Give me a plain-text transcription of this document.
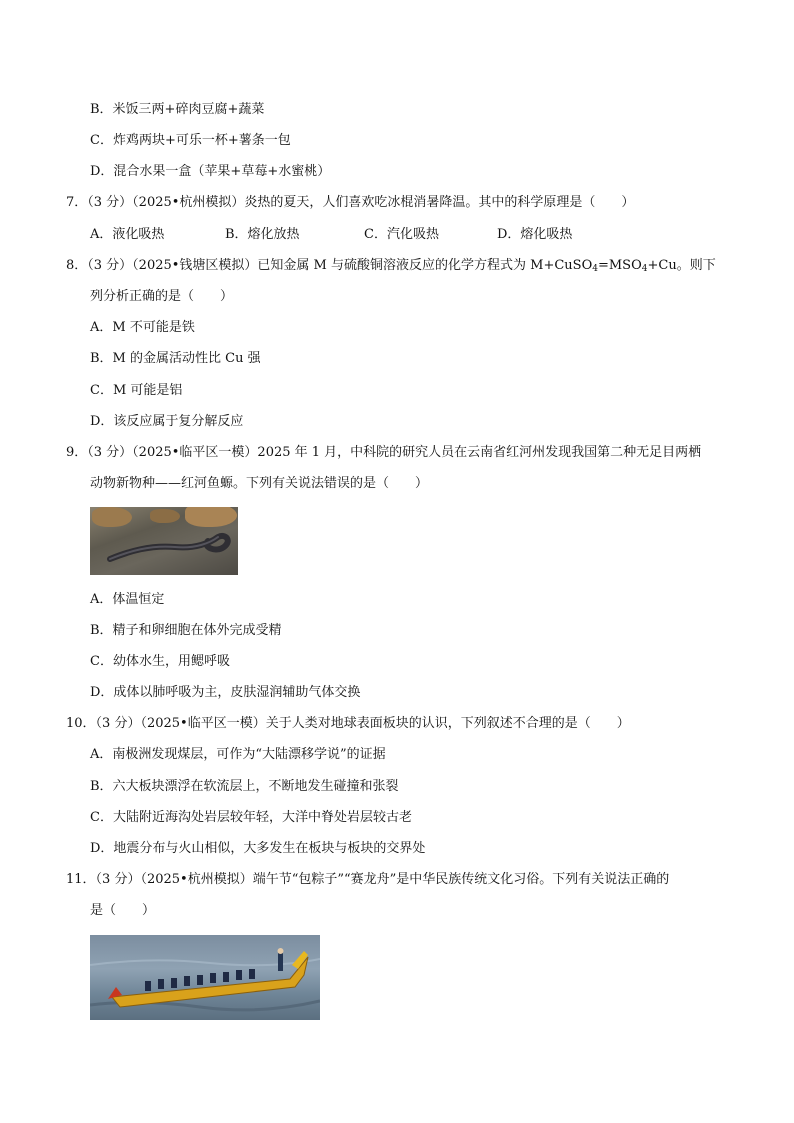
B．米饭三两+碎肉豆腐+蔬菜
C．炸鸡两块+可乐一杯+薯条一包
D．混合水果一盒（苹果+草莓+水蜜桃）
7．（3 分）（2025•杭州模拟）炎热的夏天，人们喜欢吃冰棍消暑降温。其中的科学原理是（　　）
A．液化吸热	B．熔化放热	C．汽化吸热	D．熔化吸热
8．（3 分）（2025•钱塘区模拟）已知金属 M 与硫酸铜溶液反应的化学方程式为 $M+CuSO_4=MSO_4+Cu$。则下
列分析正确的是（　　）
A．M 不可能是铁
B．M 的金属活动性比 Cu 强
C．M 可能是铝
D．该反应属于复分解反应
9．（3 分）（2025•临平区一模）2025 年 1 月，中科院的研究人员在云南省红河州发现我国第二种无足目两栖
动物新物种——红河鱼螈。下列有关说法错误的是（　　）
A．体温恒定
B．精子和卵细胞在体外完成受精
C．幼体水生，用鳃呼吸
D．成体以肺呼吸为主，皮肤湿润辅助气体交换
10．（3 分）（2025•临平区一模）关于人类对地球表面板块的认识，下列叙述不合理的是（　　）
A．南极洲发现煤层，可作为“大陆漂移学说”的证据
B．六大板块漂浮在软流层上，不断地发生碰撞和张裂
C．大陆附近海沟处岩层较年轻，大洋中脊处岩层较古老
D．地震分布与火山相似，大多发生在板块与板块的交界处
11．（3 分）（2025•杭州模拟）端午节“包粽子”“赛龙舟”是中华民族传统文化习俗。下列有关说法正确的
是（　　）
